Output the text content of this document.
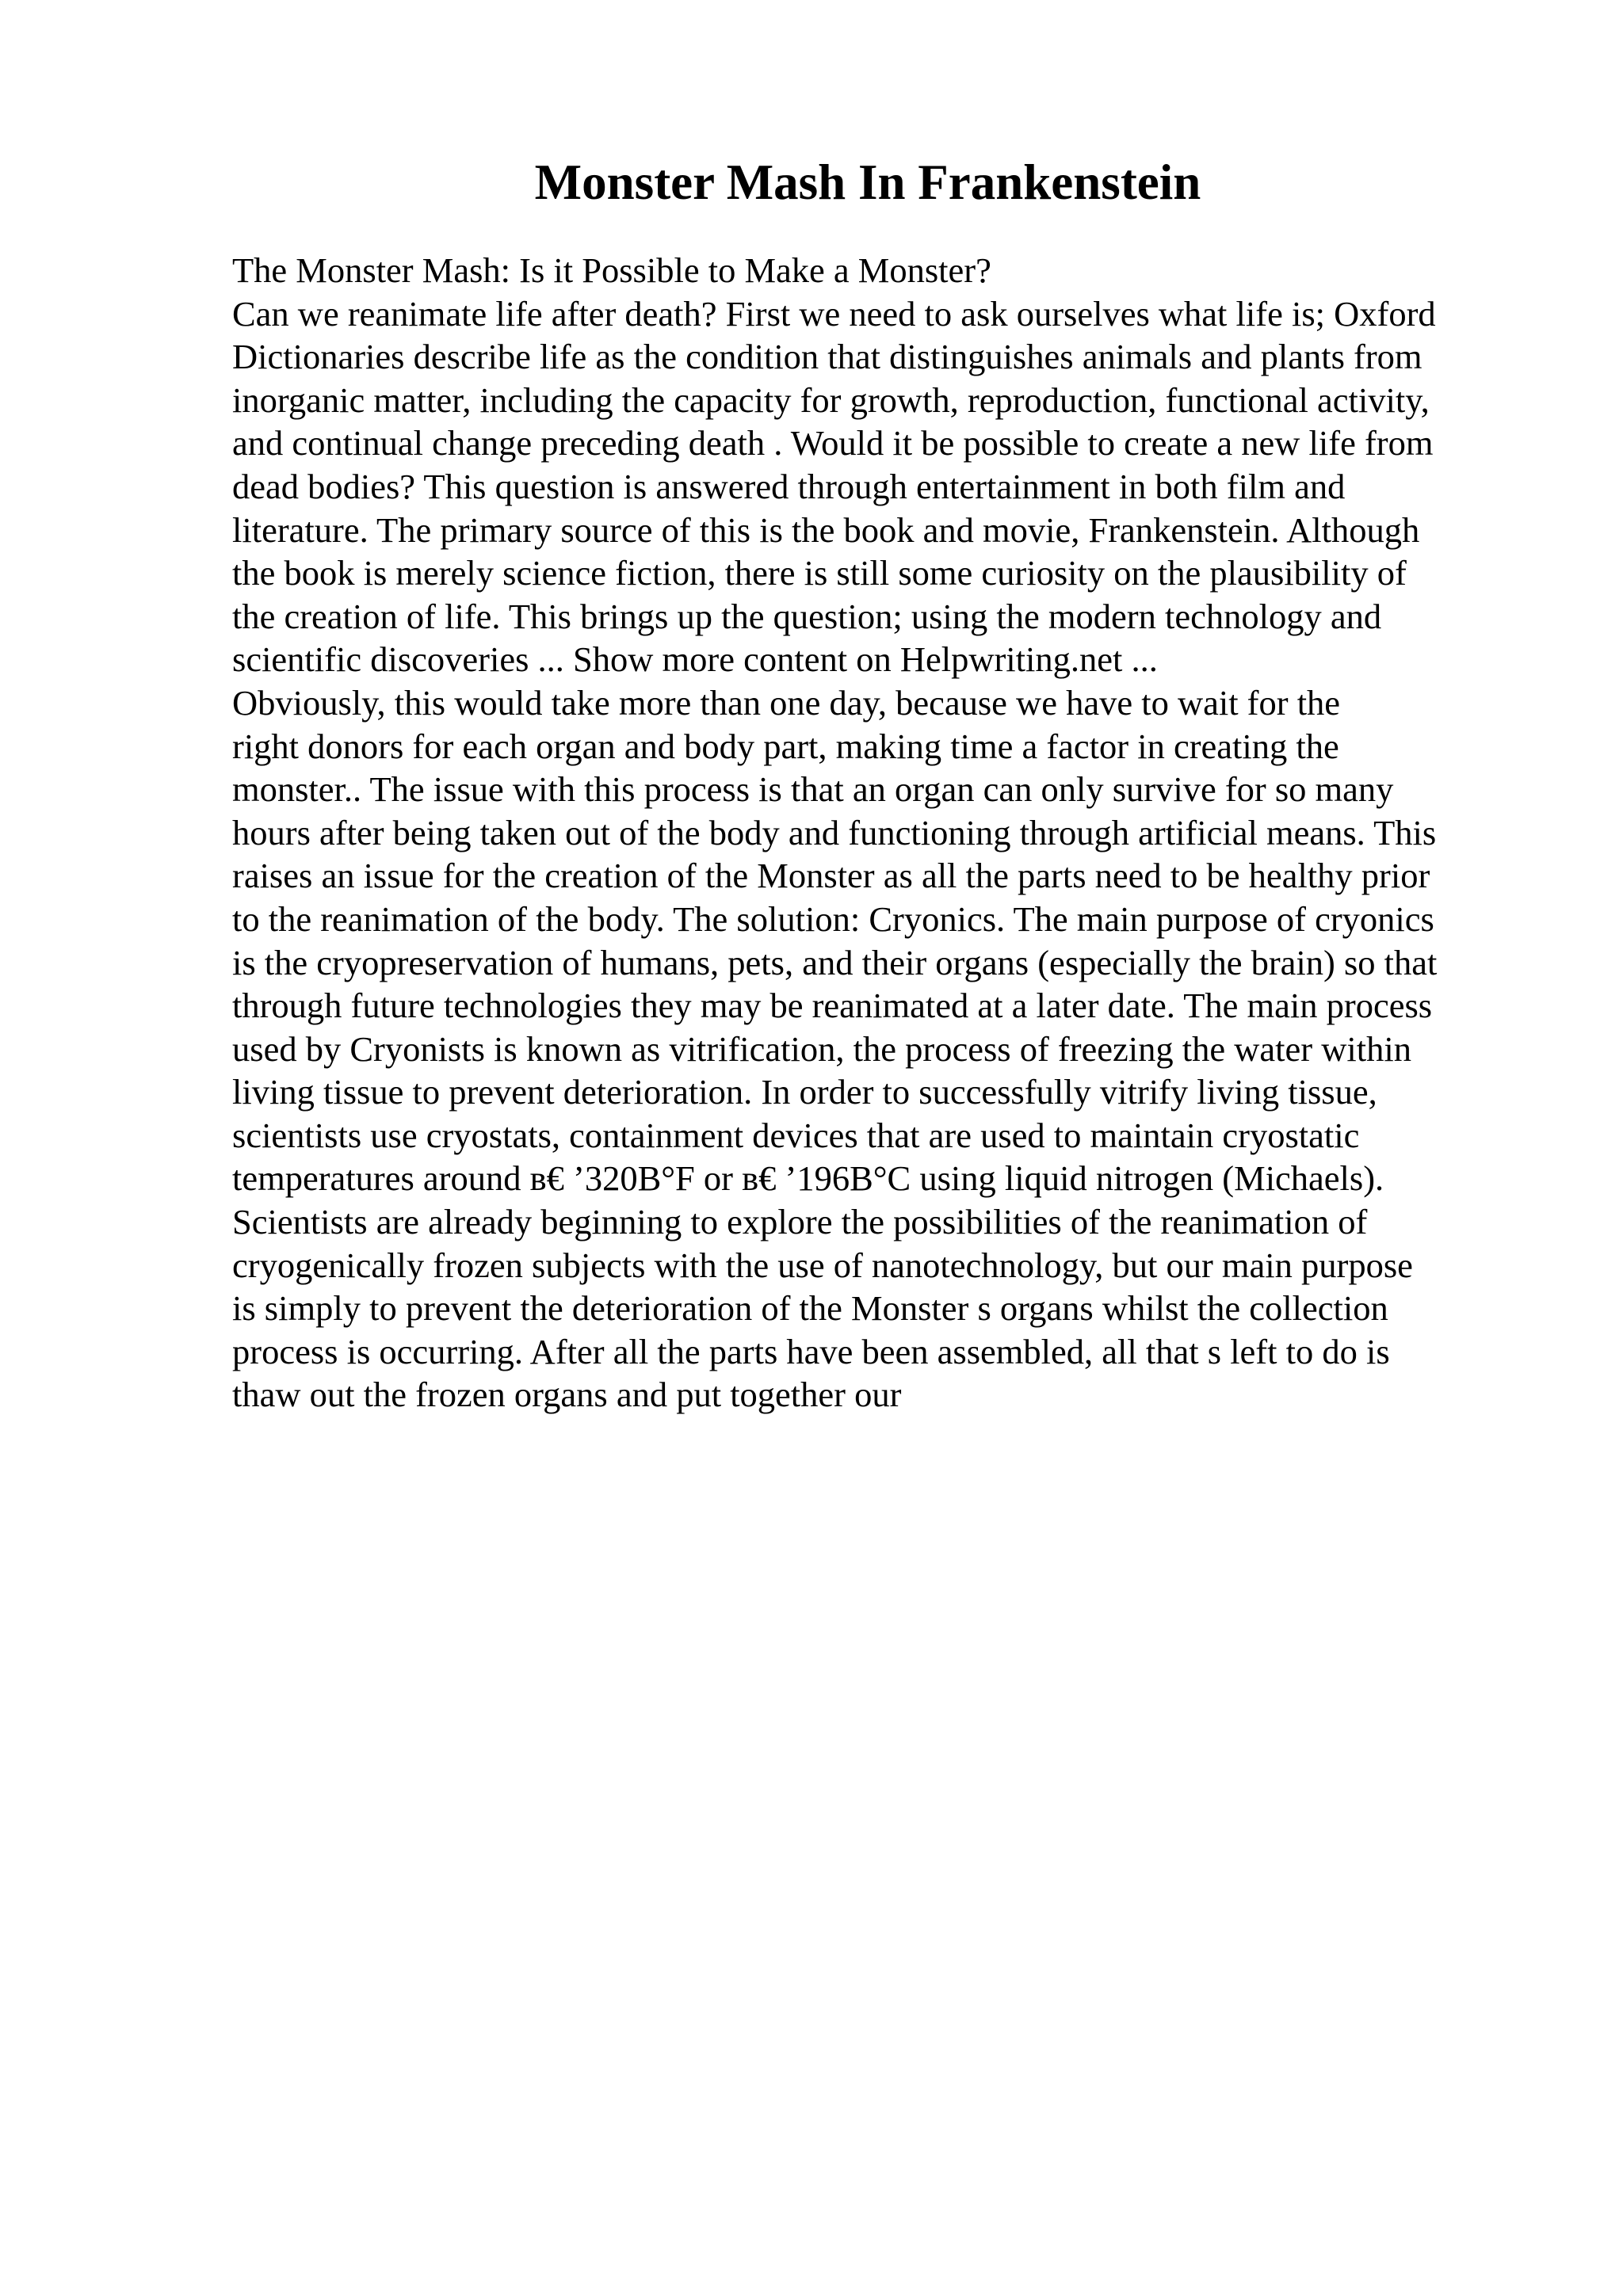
Monster Mash In Frankenstein
The Monster Mash: Is it Possible to Make a Monster?
Can we reanimate life after death? First we need to ask ourselves what life is; Oxford
Dictionaries describe life as the condition that distinguishes animals and plants from
inorganic matter, including the capacity for growth, reproduction, functional activity,
and continual change preceding death . Would it be possible to create a new life from
dead bodies? This question is answered through entertainment in both film and
literature. The primary source of this is the book and movie, Frankenstein. Although
the book is merely science fiction, there is still some curiosity on the plausibility of
the creation of life. This brings up the question; using the modern technology and
scientific discoveries ... Show more content on Helpwriting.net ...
Obviously, this would take more than one day, because we have to wait for the
right donors for each organ and body part, making time a factor in creating the
monster.. The issue with this process is that an organ can only survive for so many
hours after being taken out of the body and functioning through artificial means. This
raises an issue for the creation of the Monster as all the parts need to be healthy prior
to the reanimation of the body. The solution: Cryonics. The main purpose of cryonics
is the cryopreservation of humans, pets, and their organs (especially the brain) so that
through future technologies they may be reanimated at a later date. The main process
used by Cryonists is known as vitrification, the process of freezing the water within
living tissue to prevent deterioration. In order to successfully vitrify living tissue,
scientists use cryostats, containment devices that are used to maintain cryostatic
temperatures around в€ ’320В°F or в€ ’196В°C using liquid nitrogen (Michaels).
Scientists are already beginning to explore the possibilities of the reanimation of
cryogenically frozen subjects with the use of nanotechnology, but our main purpose
is simply to prevent the deterioration of the Monster s organs whilst the collection
process is occurring. After all the parts have been assembled, all that s left to do is
thaw out the frozen organs and put together our
